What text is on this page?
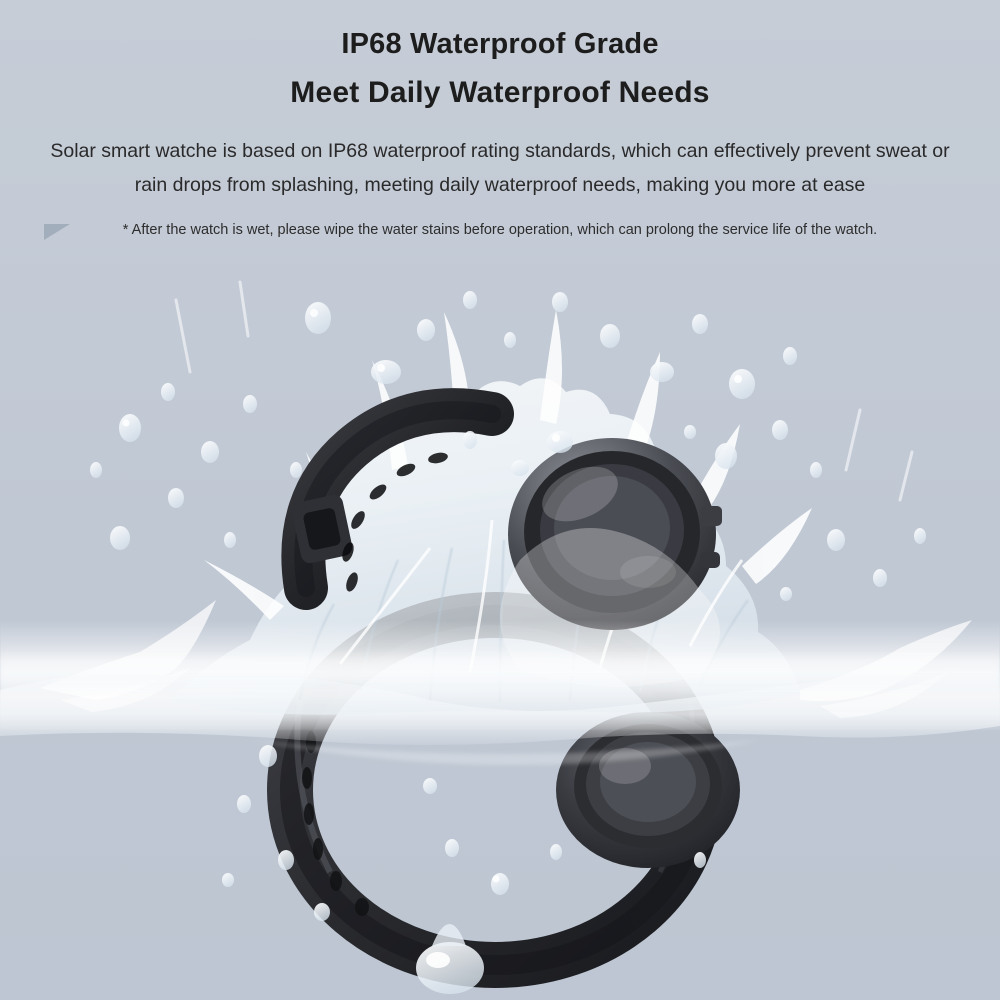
IP68 Waterproof Grade
Meet Daily Waterproof Needs

Solar smart watche is based on IP68 waterproof rating standards, which can effectively prevent sweat or rain drops from splashing, meeting daily waterproof needs, making you more at ease

* After the watch is wet, please wipe the water stains before operation, which can prolong the service life of the watch.
